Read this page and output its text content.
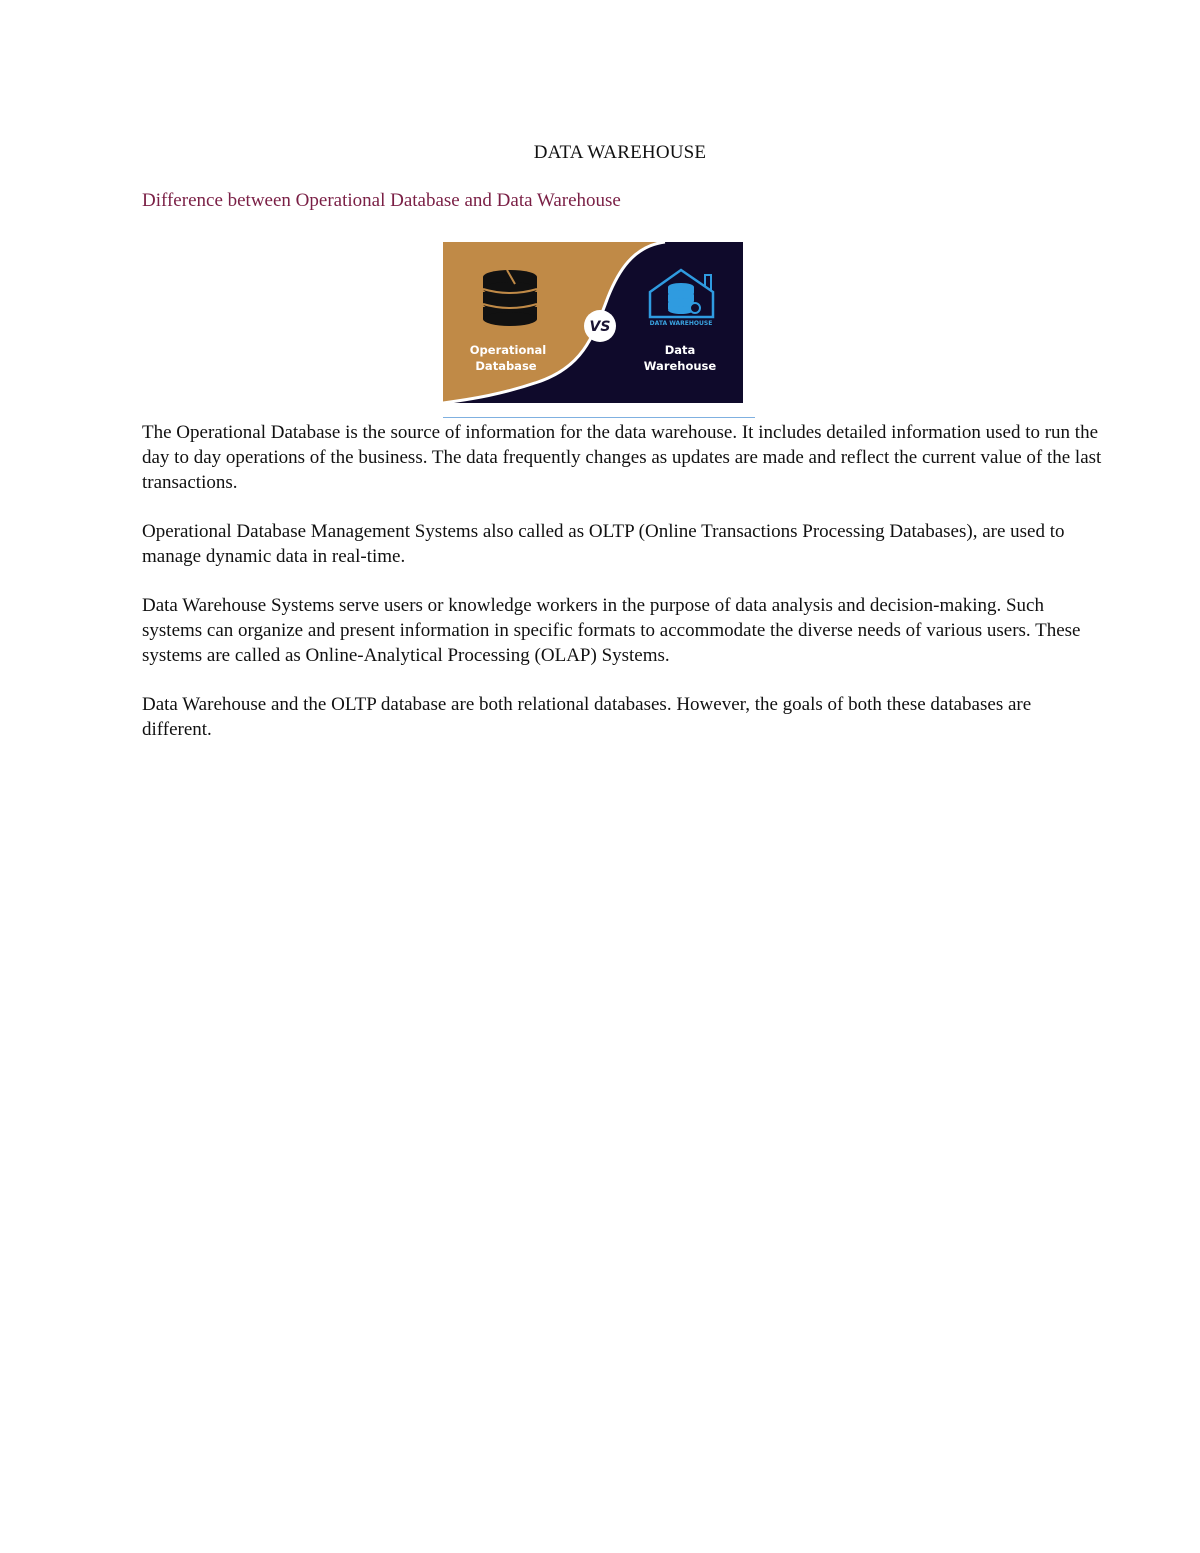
DATA WAREHOUSE
Difference between Operational Database and Data Warehouse
Operational
Database
VS	DATA WAREHOUSE
Data
Warehouse

The Operational Database is the source of information for the data warehouse. It includes detailed information used to run the day to day operations of the business. The data frequently changes as updates are made and reflect the current value of the last transactions.

Operational Database Management Systems also called as OLTP (Online Transactions Processing Databases), are used to manage dynamic data in real-time.

Data Warehouse Systems serve users or knowledge workers in the purpose of data analysis and decision-making. Such systems can organize and present information in specific formats to accommodate the diverse needs of various users. These systems are called as Online-Analytical Processing (OLAP) Systems.

Data Warehouse and the OLTP database are both relational databases. However, the goals of both these databases are different.
